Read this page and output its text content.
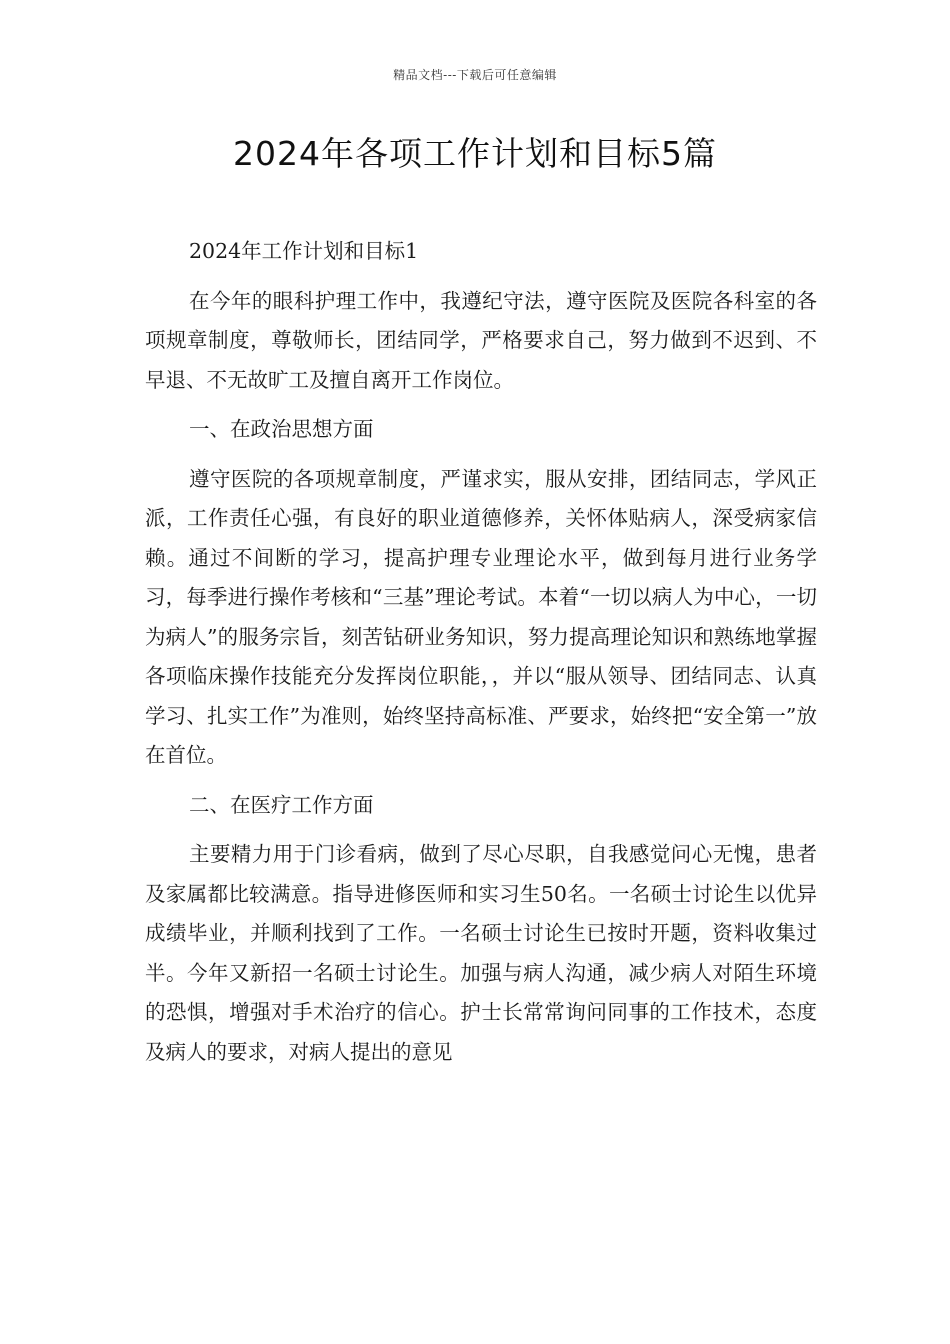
精品文档---下载后可任意编辑
2024年各项工作计划和目标5篇

2024年工作计划和目标1

在今年的眼科护理工作中，我遵纪守法，遵守医院及医院各科室的各项规章制度，尊敬师长，团结同学，严格要求自己，努力做到不迟到、不早退、不无故旷工及擅自离开工作岗位。

一、在政治思想方面

遵守医院的各项规章制度，严谨求实，服从安排，团结同志，学风正派，工作责任心强，有良好的职业道德修养，关怀体贴病人，深受病家信赖。通过不间断的学习，提高护理专业理论水平，做到每月进行业务学习，每季进行操作考核和“三基”理论考试。本着“一切以病人为中心，一切为病人”的服务宗旨，刻苦钻研业务知识，努力提高理论知识和熟练地掌握各项临床操作技能充分发挥岗位职能，，并以“服从领导、团结同志、认真学习、扎实工作”为准则，始终坚持高标准、严要求，始终把“安全第一”放在首位。

二、在医疗工作方面

主要精力用于门诊看病，做到了尽心尽职，自我感觉问心无愧，患者及家属都比较满意。指导进修医师和实习生50名。一名硕士讨论生以优异成绩毕业，并顺利找到了工作。一名硕士讨论生已按时开题，资料收集过半。今年又新招一名硕士讨论生。加强与病人沟通，减少病人对陌生环境的恐惧，增强对手术治疗的信心。护士长常常询问同事的工作技术，态度及病人的要求，对病人提出的意见
